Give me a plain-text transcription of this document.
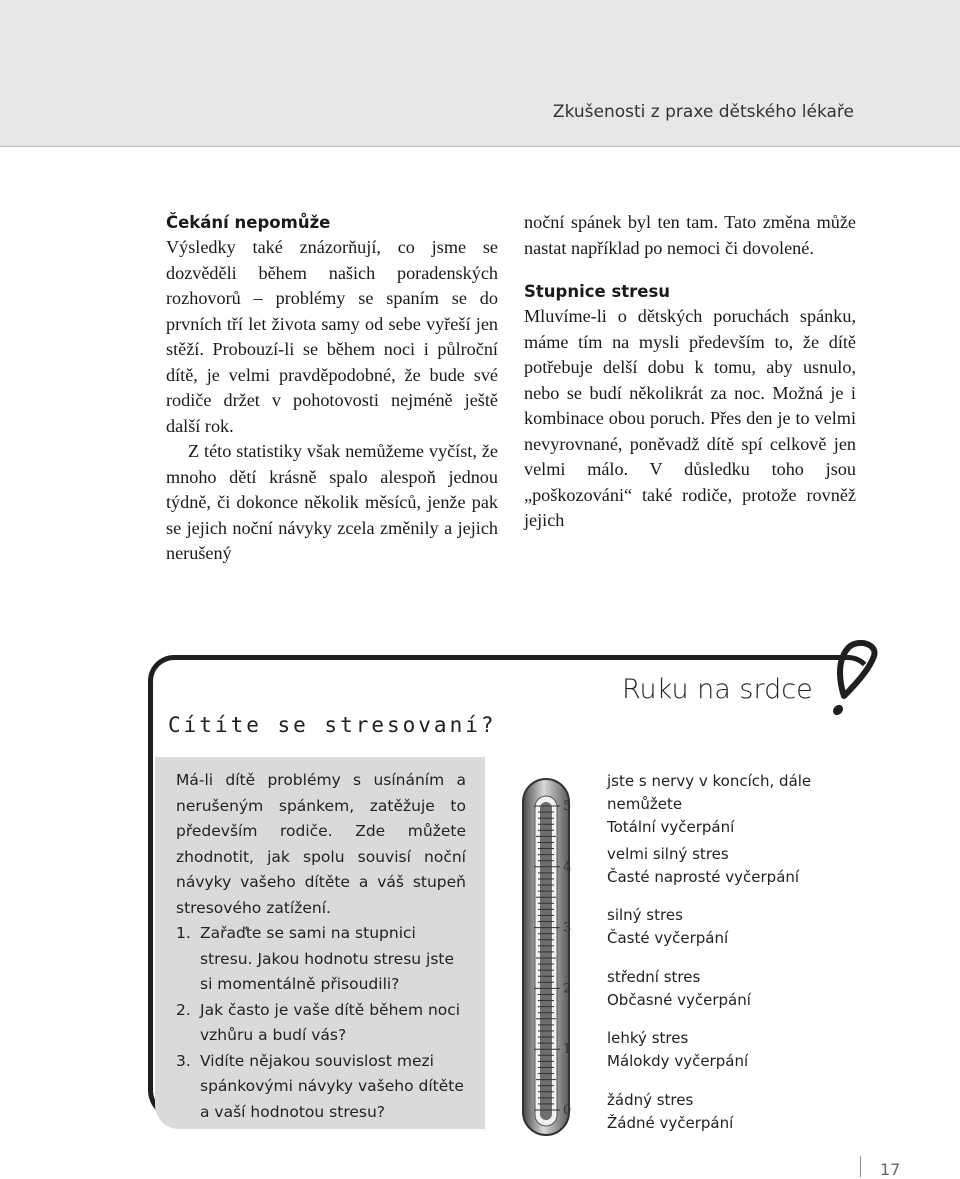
Zkušenosti z praxe dětského lékaře
Čekání nepomůže

Výsledky také znázorňují, co jsme se dozvěděli během našich poradenských rozhovorů – problémy se spaním se do prvních tří let života samy od sebe vyřeší jen stěží. Probouzí-li se během noci i půlroční dítě, je velmi pravděpodobné, že bude své rodiče držet v pohotovosti nejméně ještě další rok.

Z této statistiky však nemůžeme vyčíst, že mnoho dětí krásně spalo alespoň jednou týdně, či dokonce několik měsíců, jenže pak se jejich noční návyky zcela změnily a jejich nerušený

noční spánek byl ten tam. Tato změna může nastat například po nemoci či dovolené.

Stupnice stresu

Mluvíme-li o dětských poruchách spánku, máme tím na mysli především to, že dítě potřebuje delší dobu k tomu, aby usnulo, nebo se budí několikrát za noc. Možná je i kombinace obou poruch. Přes den je to velmi nevyrovnané, poněvadž dítě spí celkově jen velmi málo. V důsledku toho jsou „poškozováni“ také rodiče, protože rovněž jejich

Cítíte se stresovaní?
Ruku na srdce

Má-li dítě problémy s usínáním a nerušeným spánkem, zatěžuje to především rodiče. Zde můžete zhodnotit, jak spolu souvisí noční návyky vašeho dítěte a váš stupeň stresového zatížení.

1. Zařaďte se sami na stupnici stresu. Jakou hodnotu stresu jste si momentálně přisoudili?
2. Jak často je vaše dítě během noci vzhůru a budí vás?
3. Vidíte nějakou souvislost mezi spánkovými návyky vašeho dítěte a vaší hodnotou stresu?
5
4
3
2
1
0
jste s nervy v koncích, dále nemůžete
Totální vyčerpání
velmi silný stres
Časté naprosté vyčerpání
silný stres
Časté vyčerpání
střední stres
Občasné vyčerpání
lehký stres
Málokdy vyčerpání
žádný stres
Žádné vyčerpání
17
